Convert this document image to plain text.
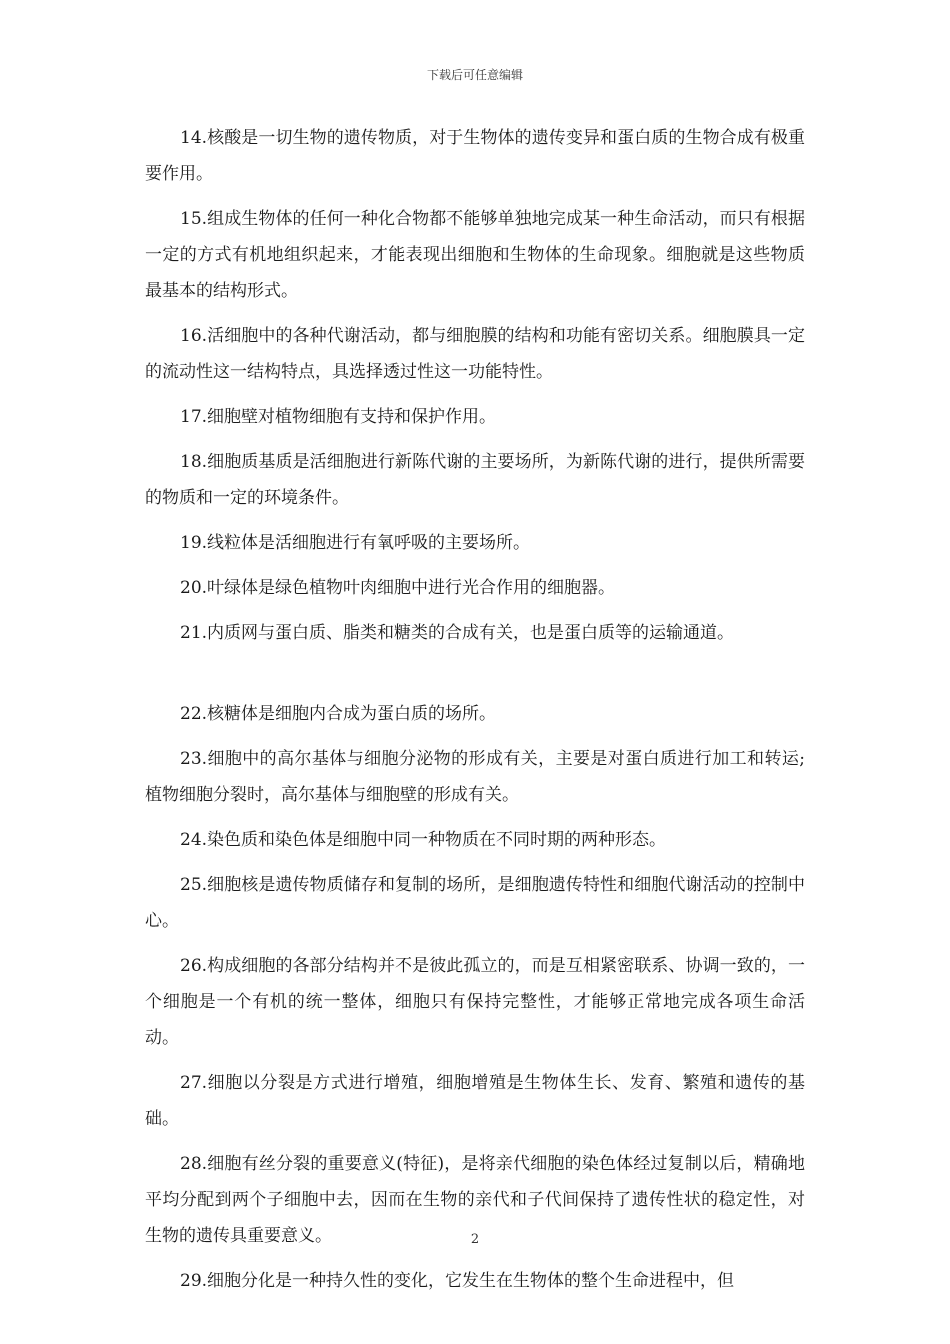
下载后可任意编辑

14.核酸是一切生物的遗传物质，对于生物体的遗传变异和蛋白质的生物合成有极重要作用。

15.组成生物体的任何一种化合物都不能够单独地完成某一种生命活动，而只有根据一定的方式有机地组织起来，才能表现出细胞和生物体的生命现象。细胞就是这些物质最基本的结构形式。

16.活细胞中的各种代谢活动，都与细胞膜的结构和功能有密切关系。细胞膜具一定的流动性这一结构特点，具选择透过性这一功能特性。

17.细胞壁对植物细胞有支持和保护作用。

18.细胞质基质是活细胞进行新陈代谢的主要场所，为新陈代谢的进行，提供所需要的物质和一定的环境条件。

19.线粒体是活细胞进行有氧呼吸的主要场所。

20.叶绿体是绿色植物叶肉细胞中进行光合作用的细胞器。

21.内质网与蛋白质、脂类和糖类的合成有关，也是蛋白质等的运输通道。

22.核糖体是细胞内合成为蛋白质的场所。

23.细胞中的高尔基体与细胞分泌物的形成有关，主要是对蛋白质进行加工和转运;植物细胞分裂时，高尔基体与细胞壁的形成有关。

24.染色质和染色体是细胞中同一种物质在不同时期的两种形态。

25.细胞核是遗传物质储存和复制的场所，是细胞遗传特性和细胞代谢活动的控制中心。

26.构成细胞的各部分结构并不是彼此孤立的，而是互相紧密联系、协调一致的，一个细胞是一个有机的统一整体，细胞只有保持完整性，才能够正常地完成各项生命活动。

27.细胞以分裂是方式进行增殖，细胞增殖是生物体生长、发育、繁殖和遗传的基础。

28.细胞有丝分裂的重要意义(特征)，是将亲代细胞的染色体经过复制以后，精确地平均分配到两个子细胞中去，因而在生物的亲代和子代间保持了遗传性状的稳定性，对生物的遗传具重要意义。

29.细胞分化是一种持久性的变化，它发生在生物体的整个生命进程中，但

2
